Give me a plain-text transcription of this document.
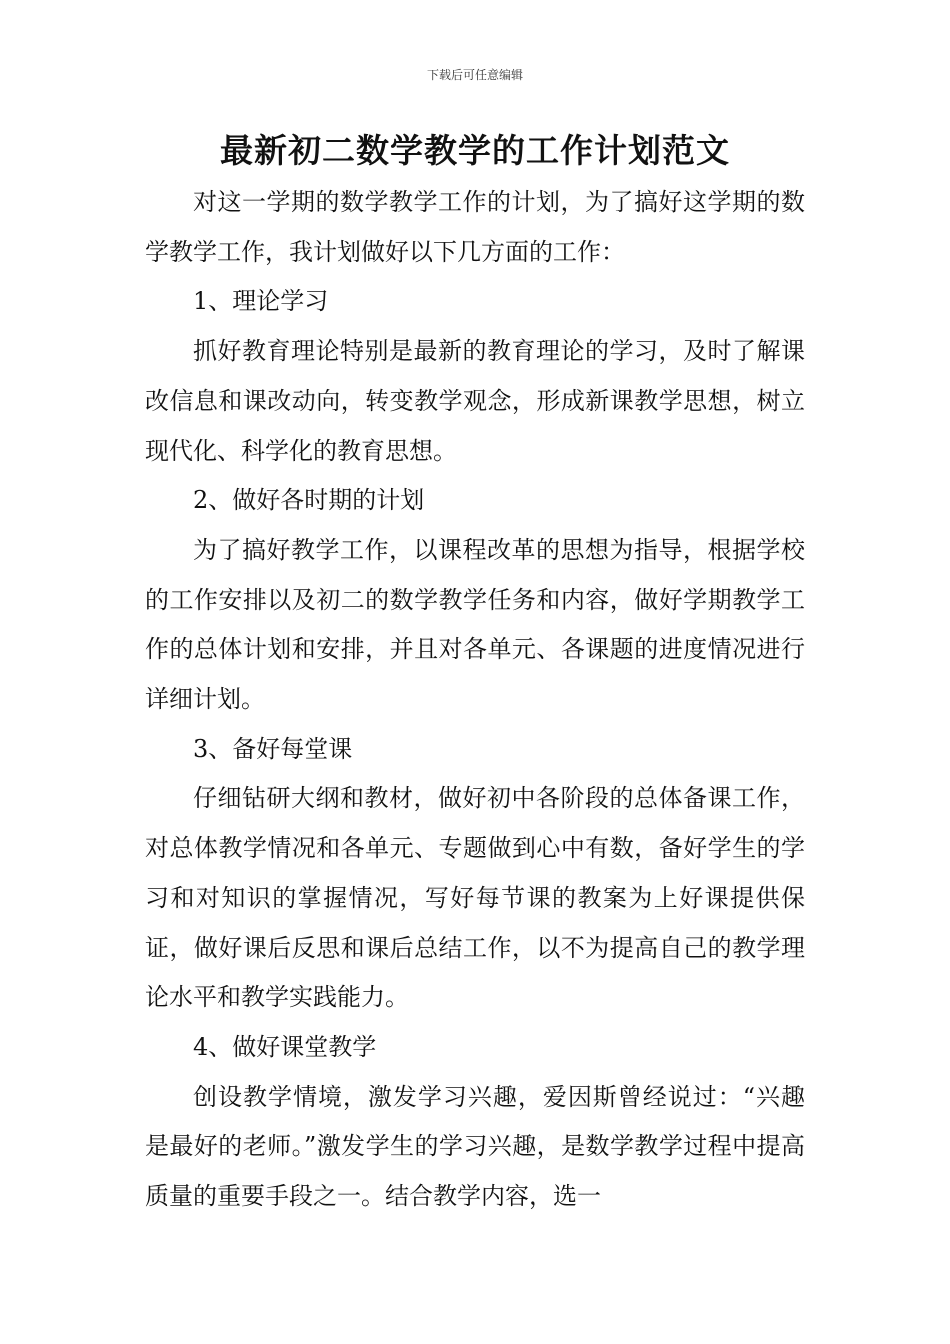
下载后可任意编辑
最新初二数学教学的工作计划范文

对这一学期的数学教学工作的计划，为了搞好这学期的数学教学工作，我计划做好以下几方面的工作：

1、理论学习

抓好教育理论特别是最新的教育理论的学习，及时了解课改信息和课改动向，转变教学观念，形成新课教学思想，树立现代化、科学化的教育思想。

2、做好各时期的计划

为了搞好教学工作，以课程改革的思想为指导，根据学校的工作安排以及初二的数学教学任务和内容，做好学期教学工作的总体计划和安排，并且对各单元、各课题的进度情况进行详细计划。

3、备好每堂课

仔细钻研大纲和教材，做好初中各阶段的总体备课工作，对总体教学情况和各单元、专题做到心中有数，备好学生的学习和对知识的掌握情况，写好每节课的教案为上好课提供保证，做好课后反思和课后总结工作，以不为提高自己的教学理论水平和教学实践能力。

4、做好课堂教学

创设教学情境，激发学习兴趣，爱因斯曾经说过：“兴趣是最好的老师。”激发学生的学习兴趣，是数学教学过程中提高质量的重要手段之一。结合教学内容，选一
